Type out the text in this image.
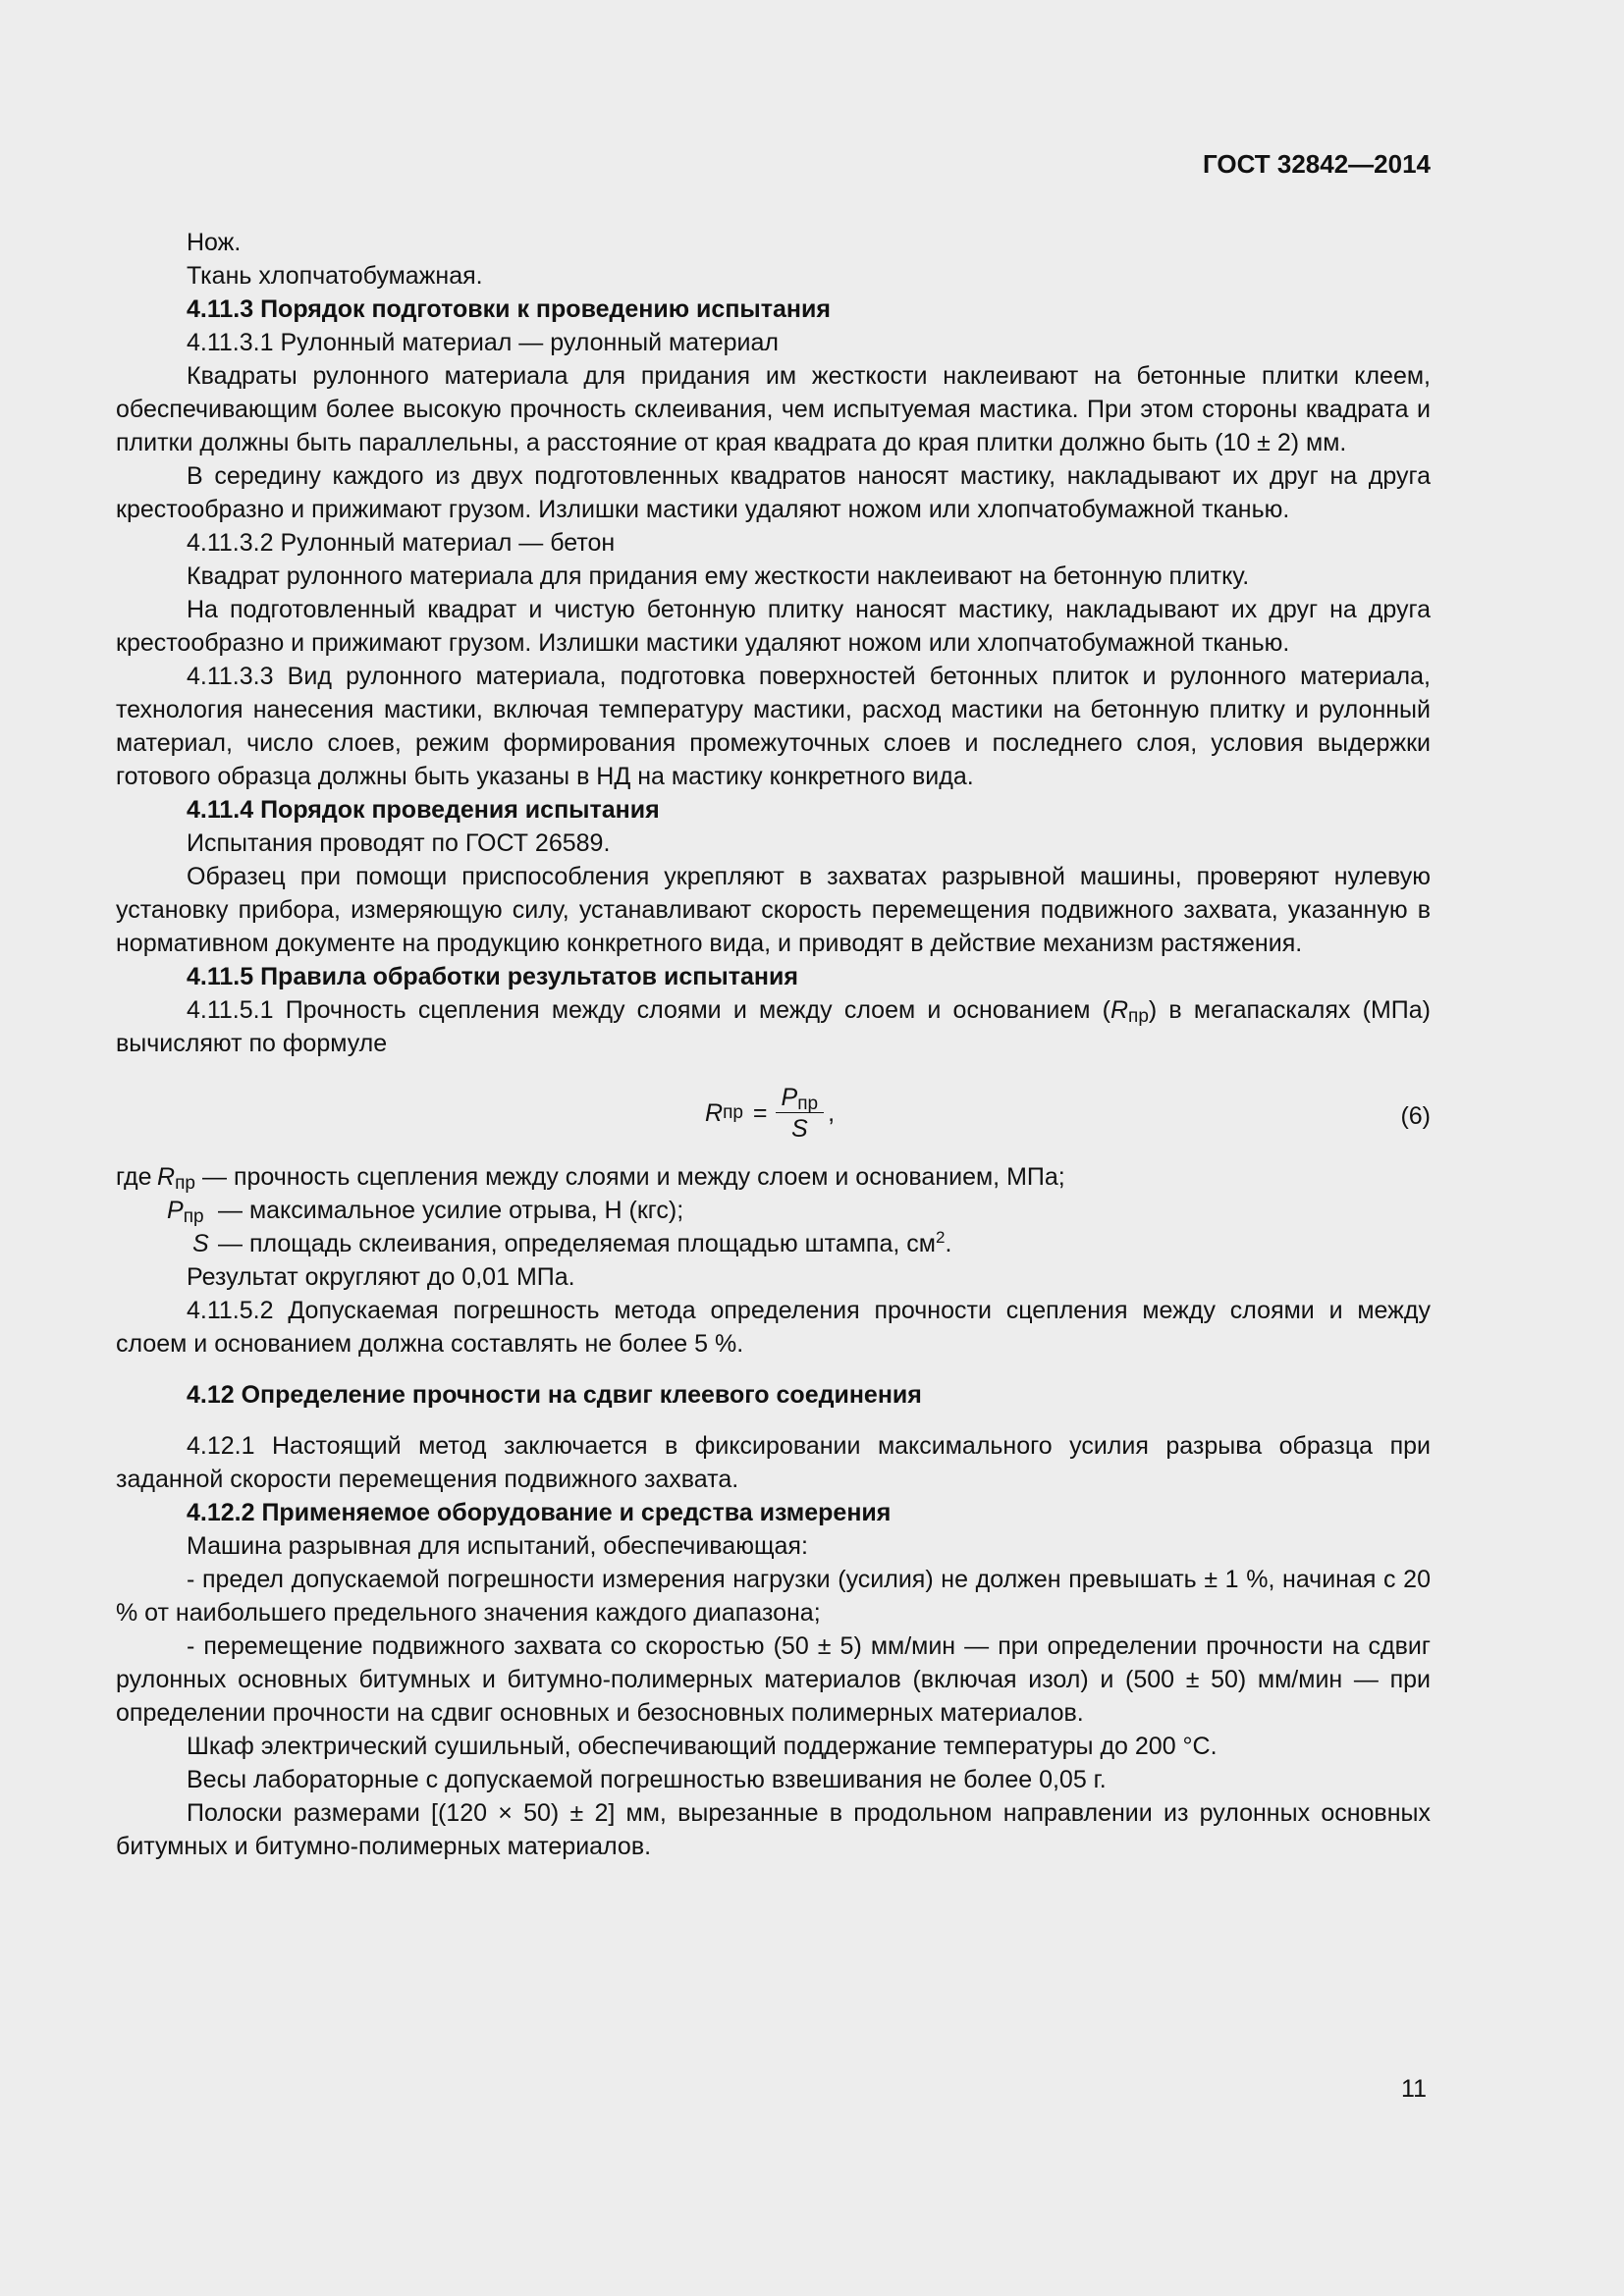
ГОСТ 32842—2014

Нож.

Ткань хлопчатобумажная.

4.11.3 Порядок подготовки к проведению испытания

4.11.3.1 Рулонный материал — рулонный материал

Квадраты рулонного материала для придания им жесткости наклеивают на бетонные плитки клеем, обеспечивающим более высокую прочность склеивания, чем испытуемая мастика. При этом стороны квадрата и плитки должны быть параллельны, а расстояние от края квадрата до края плитки должно быть (10 ± 2) мм.

В середину каждого из двух подготовленных квадратов наносят мастику, накладывают их друг на друга крестообразно и прижимают грузом. Излишки мастики удаляют ножом или хлопчатобумажной тканью.

4.11.3.2 Рулонный материал — бетон

Квадрат рулонного материала для придания ему жесткости наклеивают на бетонную плитку.

На подготовленный квадрат и чистую бетонную плитку наносят мастику, накладывают их друг на друга крестообразно и прижимают грузом. Излишки мастики удаляют ножом или хлопчатобумажной тканью.

4.11.3.3 Вид рулонного материала, подготовка поверхностей бетонных плиток и рулонного материала, технология нанесения мастики, включая температуру мастики, расход мастики на бетонную плитку и рулонный материал, число слоев, режим формирования промежуточных слоев и последнего слоя, условия выдержки готового образца должны быть указаны в НД на мастику конкретного вида.

4.11.4 Порядок проведения испытания

Испытания проводят по ГОСТ 26589.

Образец при помощи приспособления укрепляют в захватах разрывной машины, проверяют нулевую установку прибора, измеряющую силу, устанавливают скорость перемещения подвижного захвата, указанную в нормативном документе на продукцию конкретного вида, и приводят в действие механизм растяжения.

4.11.5 Правила обработки результатов испытания

4.11.5.1 Прочность сцепления между слоями и между слоем и основанием $(R_{пр})$ в мегапаскалях (МПа) вычисляют по формуле

R пр = $\frac{P_{пр}}{S}$ ,	(6)
где $R_{пр}$ — прочность сцепления между слоями и между слоем и основанием, МПа;
$P_{пр}$ — максимальное усилие отрыва, Н (кгс);
S — площадь склеивания, определяемая площадью штампа, $см^2$.

Результат округляют до 0,01 МПа.

4.11.5.2 Допускаемая погрешность метода определения прочности сцепления между слоями и между слоем и основанием должна составлять не более 5 %.

4.12 Определение прочности на сдвиг клеевого соединения

4.12.1 Настоящий метод заключается в фиксировании максимального усилия разрыва образца при заданной скорости перемещения подвижного захвата.

4.12.2 Применяемое оборудование и средства измерения

Машина разрывная для испытаний, обеспечивающая:

- предел допускаемой погрешности измерения нагрузки (усилия) не должен превышать ± 1 %, начиная с 20 % от наибольшего предельного значения каждого диапазона;

- перемещение подвижного захвата со скоростью (50 ± 5) мм/мин — при определении прочности на сдвиг рулонных основных битумных и битумно-полимерных материалов (включая изол) и (500 ± 50) мм/мин — при определении прочности на сдвиг основных и безосновных полимерных материалов.

Шкаф электрический сушильный, обеспечивающий поддержание температуры до 200 °С.

Весы лабораторные с допускаемой погрешностью взвешивания не более 0,05 г.

Полоски размерами [(120 × 50) ± 2] мм, вырезанные в продольном направлении из рулонных основных битумных и битумно-полимерных материалов.

11
